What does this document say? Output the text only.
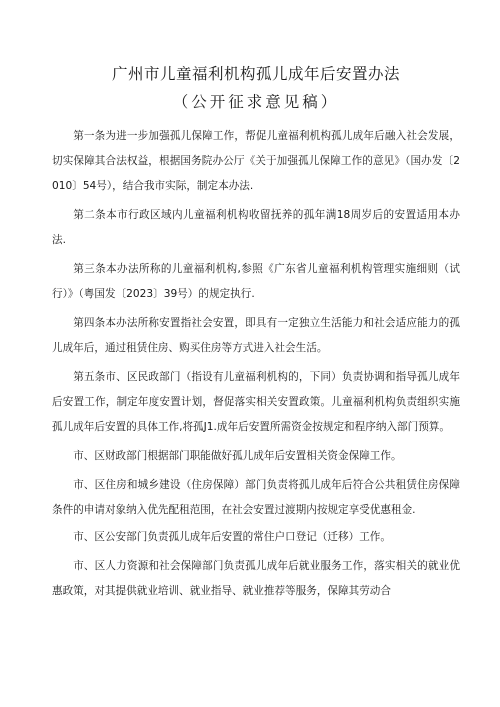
广州市儿童福利机构孤儿成年后安置办法
（公开征求意见稿）

第一条为进一步加强孤儿保障工作，帮促儿童福利机构孤儿成年后融入社会发展，切实保障其合法权益，根据国务院办公厅《关于加强孤儿保障工作的意见》（国办发〔2010〕54号），结合我市实际，制定本办法.

第二条本市行政区域内儿童福利机构收留抚养的孤年满18周岁后的安置适用本办法.

第三条本办法所称的儿童福利机构,参照《广东省儿童福利机构管理实施细则（试行）》（粤国发〔2023〕39号）的规定执行.

第四条本办法所称安置指社会安置，即具有一定独立生活能力和社会适应能力的孤儿成年后，通过租赁住房、购买住房等方式进入社会生活。

第五条市、区民政部门（指设有儿童福利机构的，下同）负责协调和指导孤儿成年后安置工作，制定年度安置计划，督促落实相关安置政策。儿童福利机构负责组织实施孤儿成年后安置的具体工作,将孤J1.成年后安置所需资金按规定和程序纳入部门预算。

市、区财政部门根据部门职能做好孤儿成年后安置相关资金保障工作。

市、区住房和城乡建设（住房保障）部门负责将孤儿成年后符合公共租赁住房保障条件的申请对象纳入优先配租范围，在社会安置过渡期内按规定享受优惠租金.

市、区公安部门负责孤儿成年后安置的常住户口登记（迁移）工作。

市、区人力资源和社会保障部门负责孤儿成年后就业服务工作，落实相关的就业优惠政策，对其提供就业培训、就业指导、就业推荐等服务，保障其劳动合
